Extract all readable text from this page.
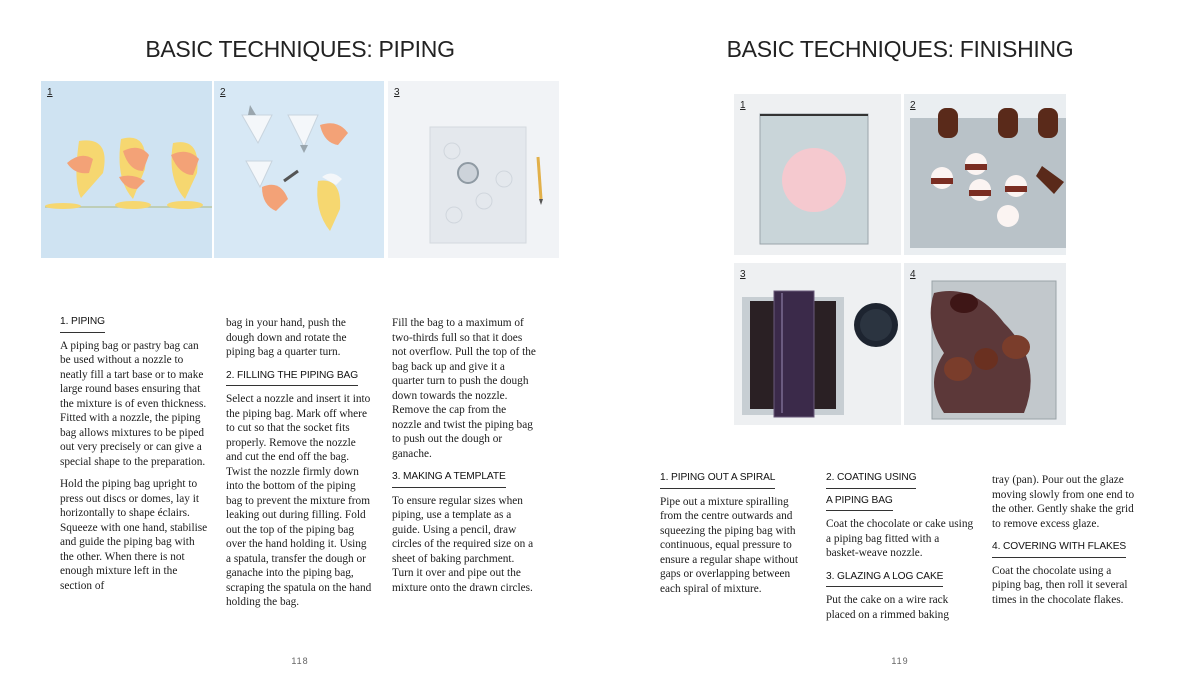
BASIC TECHNIQUES: PIPING
1	2	3
1. PIPING

A piping bag or pastry bag can be used without a nozzle to neatly fill a tart base or to make large round bases ensuring that the mixture is of even thickness. Fitted with a nozzle, the piping bag allows mixtures to be piped out very precisely or can give a special shape to the preparation.

Hold the piping bag upright to press out discs or domes, lay it horizontally to shape éclairs. Squeeze with one hand, stabilise and guide the piping bag with the other. When there is not enough mixture left in the section of

bag in your hand, push the dough down and rotate the piping bag a quarter turn.

2. FILLING THE PIPING BAG

Select a nozzle and insert it into the piping bag. Mark off where to cut so that the socket fits properly. Remove the nozzle and cut the end off the bag. Twist the nozzle firmly down into the bottom of the piping bag to prevent the mixture from leaking out during filling. Fold out the top of the piping bag over the hand holding it. Using a spatula, transfer the dough or ganache into the piping bag, scraping the spatula on the hand holding the bag.

Fill the bag to a maximum of two-thirds full so that it does not overflow. Pull the top of the bag back up and give it a quarter turn to push the dough down towards the nozzle. Remove the cap from the nozzle and twist the piping bag to push out the dough or ganache.

3. MAKING A TEMPLATE

To ensure regular sizes when piping, use a template as a guide. Using a pencil, draw circles of the required size on a sheet of baking parchment. Turn it over and pipe out the mixture onto the drawn circles.

118
BASIC TECHNIQUES: FINISHING
1	2
3	4
1. PIPING OUT A SPIRAL

Pipe out a mixture spiralling from the centre outwards and squeezing the piping bag with continuous, equal pressure to ensure a regular shape without gaps or overlapping between each spiral of mixture.

2. COATING USING
A PIPING BAG

Coat the chocolate or cake using a piping bag fitted with a basket-weave nozzle.

3. GLAZING A LOG CAKE

Put the cake on a wire rack placed on a rimmed baking

tray (pan). Pour out the glaze moving slowly from one end to the other. Gently shake the grid to remove excess glaze.

4. COVERING WITH FLAKES

Coat the chocolate using a piping bag, then roll it several times in the chocolate flakes.

119
